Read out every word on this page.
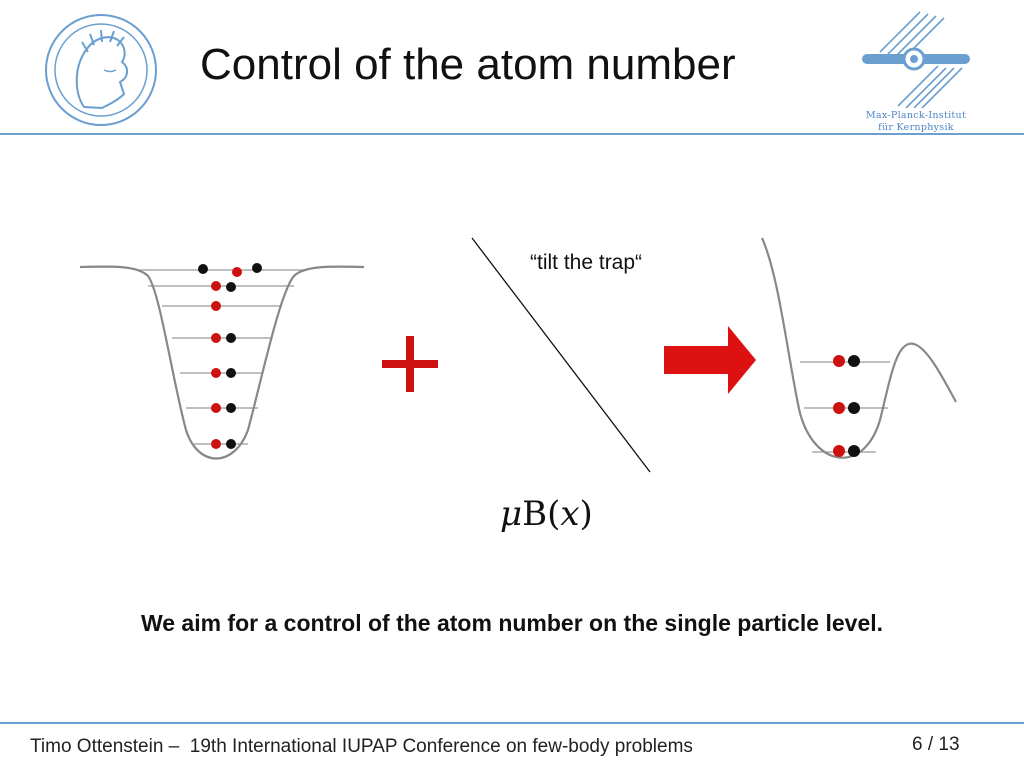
Control of the atom number
Max-Planck-Institut
für Kernphysik
“tilt the trap“
μB(x)
We aim for a control of the atom number on the single particle level.
Timo Ottenstein –  19th International IUPAP Conference on few-body problems	6 / 13
